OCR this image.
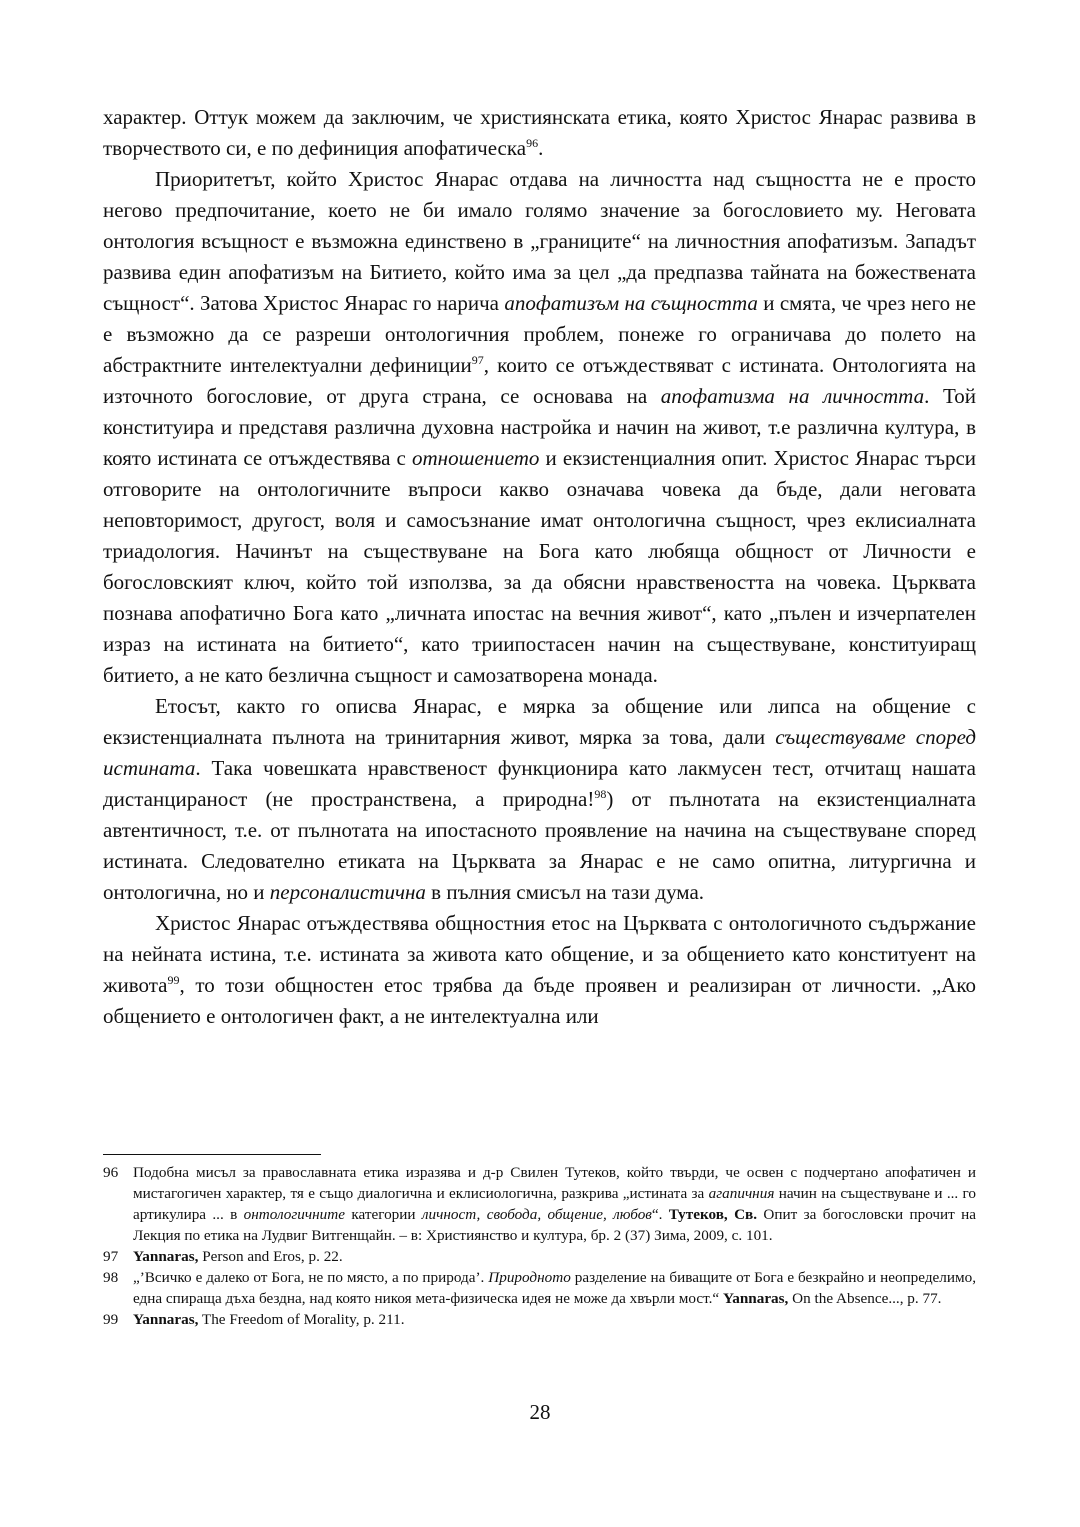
характер. Оттук можем да заключим, че християнската етика, която Христос Янарас развива в творчеството си, е по дефиниция апофатическа$^{96}$.

Приоритетът, който Христос Янарас отдава на личността над същността не е просто негово предпочитание, което не би имало голямо значение за богословието му. Неговата онтология всъщност е възможна единствено в „границите“ на личностния апофатизъм. Западът развива един апофатизъм на Битието, който има за цел „да предпазва тайната на божествената същност“. Затова Христос Янарас го нарича апофатизъм на същността и смята, че чрез него не е възможно да се разреши онтологичния проблем, понеже го ограничава до полето на абстрактните интелектуални дефиниции$^{97}$, които се отъждествяват с истината. Онтологията на източното богословие, от друга страна, се основава на апофатизма на личността. Той конституира и представя различна духовна настройка и начин на живот, т.е различна култура, в която истината се отъждествява с отношението и екзистенциалния опит. Христос Янарас търси отговорите на онтологичните въпроси какво означава човека да бъде, дали неговата неповторимост, другост, воля и самосъзнание имат онтологична същност, чрез еклисиалната триадология. Начинът на съществуване на Бога като любяща общност от Личности е богословският ключ, който той използва, за да обясни нравствеността на човека. Църквата познава апофатично Бога като „личната ипостас на вечния живот“, като „пълен и изчерпателен израз на истината на битието“, като триипостасен начин на съществуване, конституиращ битието, а не като безлична същност и самозатворена монада.

Етосът, както го описва Янарас, е мярка за общение или липса на общение с екзистенциалната пълнота на тринитарния живот, мярка за това, дали съществуваме според истината. Така човешката нравственост функционира като лакмусен тест, отчитащ нашата дистанцираност (не пространствена, а природна!$^{98}$) от пълнотата на екзистенциалната автентичност, т.е. от пълнотата на ипостасното проявление на начина на съществуване според истината. Следователно етиката на Църквата за Янарас е не само опитна, литургична и онтологична, но и персоналистична в пълния смисъл на тази дума.

Христос Янарас отъждествява общностния етос на Църквата с онтологичното съдържание на нейната истина, т.е. истината за живота като общение, и за общението като конституент на живота$^{99}$, то този общностен етос трябва да бъде проявен и реализиран от личности. „Ако общението е онтологичен факт, а не интелектуална или

96 Подобна мисъл за православната етика изразява и д-р Свилен Тутеков, който твърди, че освен с подчертано апофатичен и мистагогичен характер, тя е също диалогична и еклисиологична, разкрива „истината за агапичния начин на съществуване и ... го артикулира ... в онтологичните категории личност, свобода, общение, любов“. Тутеков, Св. Опит за богословски прочит на Лекция по етика на Лудвиг Витгенщайн. – в: Християнство и култура, бр. 2 (37) Зима, 2009, с. 101.
97 Yannaras, Person and Eros, p. 22.
98 „’Всичко е далеко от Бога, не по място, а по природа’. Природното разделение на биващите от Бога е безкрайно и неопределимо, една спираща дъха бездна, над която никоя мета-физическа идея не може да хвърли мост.“ Yannaras, On the Absence..., p. 77.
99 Yannaras, The Freedom of Morality, p. 211.
28
